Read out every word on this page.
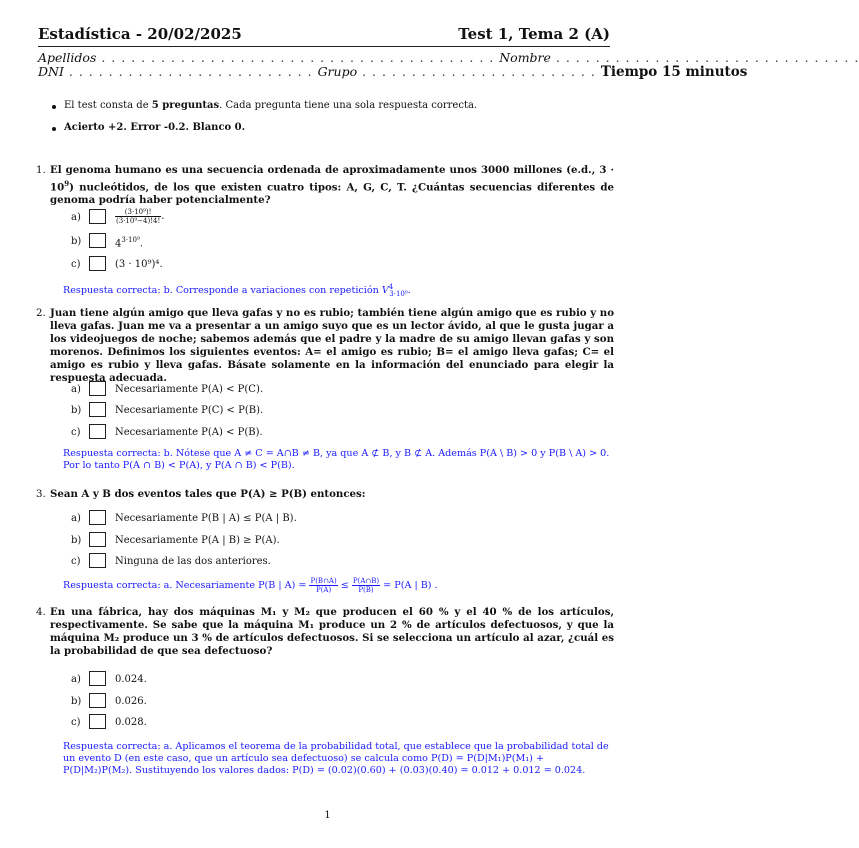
Estadística - 20/02/2025	Test 1, Tema 2 (A)
Apellidos . . . . . . . . . . . . . . . . . . . . . . . . . . . . . . . . . . . . . . . . Nombre . . . . . . . . . . . . . . . . . . . . . . . . . . . . . . .
DNI . . . . . . . . . . . . . . . . . . . . . . . . . Grupo . . . . . . . . . . . . . . . . . . . . . . . . Tiempo 15 minutos
El test consta de 5 preguntas. Cada pregunta tiene una sola respuesta correcta.
Acierto +2. Error -0.2. Blanco 0.
1. El genoma humano es una secuencia ordenada de aproximadamente unos 3000 millones (e.d., $3 \cdot 10^9$) nucleótidos, de los que existen cuatro tipos: A, G, C, T. ¿Cuántas secuencias diferentes de genoma podría haber potencialmente?
a)	$\frac{\text{(3·10⁹)!}}{\text{(3·10⁹−4)!4!}}$ .
b)	$4^{3\cdot 10^9}$.
c)	(3 · 10⁹)⁴.
Respuesta correcta: b. Corresponde a variaciones con repetición $V^4_{3\cdot 10^9}$.
2. Juan tiene algún amigo que lleva gafas y no es rubio; también tiene algún amigo que es rubio y no lleva gafas. Juan me va a presentar a un amigo suyo que es un lector ávido, al que le gusta jugar a los videojuegos de noche; sabemos además que el padre y la madre de su amigo llevan gafas y son morenos. Definimos los siguientes eventos: A= el amigo es rubio; B= el amigo lleva gafas; C= el amigo es rubio y lleva gafas. Básate solamente en la información del enunciado para elegir la respuesta adecuada.
a)	Necesariamente P(A) < P(C).
b)	Necesariamente P(C) < P(B).
c)	Necesariamente P(A) < P(B).
Respuesta correcta: b. Nótese que A ≠ C = A∩B ≠ B, ya que A ⊄ B, y B ⊄ A. Además P(A \ B) > 0 y P(B \ A) > 0. Por lo tanto P(A ∩ B) < P(A), y P(A ∩ B) < P(B).
3. Sean A y B dos eventos tales que P(A) ≥ P(B) entonces:
a)	Necesariamente P(B | A) ≤ P(A | B).
b)	Necesariamente P(A | B) ≥ P(A).
c)	Ninguna de las dos anteriores.
Respuesta correcta: a. Necesariamente P(B | $A) = \frac{P(B\cap A)}{P(A)} \le \frac{P(A\cap B)}{P(B)} = P(A$ | B) .
4. En una fábrica, hay dos máquinas M₁ y M₂ que producen el 60 % y el 40 % de los artículos, respectivamente. Se sabe que la máquina M₁ produce un 2 % de artículos defectuosos, y que la máquina M₂ produce un 3 % de artículos defectuosos. Si se selecciona un artículo al azar, ¿cuál es la probabilidad de que sea defectuoso?
a)	0.024.
b)	0.026.
c)	0.028.
Respuesta correcta: a. Aplicamos el teorema de la probabilidad total, que establece que la probabilidad total de un evento D (en este caso, que un artículo sea defectuoso) se calcula como P(D) = P(D|M₁)P(M₁) + P(D|M₂)P(M₂). Sustituyendo los valores dados: P(D) = (0.02)(0.60) + (0.03)(0.40) = 0.012 + 0.012 = 0.024.
1
